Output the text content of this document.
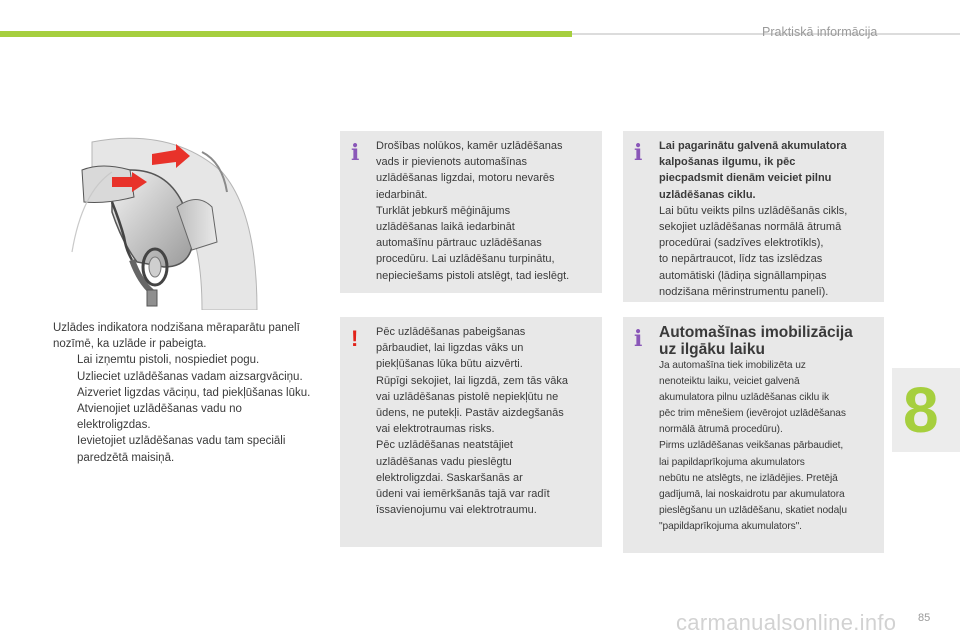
Praktiskā informācija
8

Uzlādes indikatora nodzišana mēraparātu panelī nozīmē, ka uzlāde ir pabeigta.

Lai izņemtu pistoli, nospiediet pogu.
Uzlieciet uzlādēšanas vadam aizsargvāciņu.
Aizveriet ligzdas vāciņu, tad piekļūšanas lūku.
Atvienojiet uzlādēšanas vadu no elektroligzdas.
Ievietojiet uzlādēšanas vadu tam speciāli paredzētā maisiņā.
i Drošības nolūkos, kamēr uzlādēšanas
vads ir pievienots automašīnas
uzlādēšanas ligzdai, motoru nevarēs
iedarbināt.
Turklāt jebkurš mēģinājums
uzlādēšanas laikā iedarbināt
automašīnu pārtrauc uzlādēšanas
procedūru. Lai uzlādēšanu turpinātu,
nepieciešams pistoli atslēgt, tad ieslēgt.

! Pēc uzlādēšanas pabeigšanas
pārbaudiet, lai ligzdas vāks un
piekļūšanas lūka būtu aizvērti.
Rūpīgi sekojiet, lai ligzdā, zem tās vāka
vai uzlādēšanas pistolē nepiekļūtu ne
ūdens, ne putekļi. Pastāv aizdegšanās
vai elektrotraumas risks.
Pēc uzlādēšanas neatstājiet
uzlādēšanas vadu pieslēgtu
elektroligzdai. Saskaršanās ar
ūdeni vai iemērkšanās tajā var radīt
īssavienojumu vai elektrotraumu.

i Lai pagarinātu galvenā akumulatora
kalpošanas ilgumu, ik pēc
piecpadsmit dienām veiciet pilnu
uzlādēšanas ciklu.

Lai būtu veikts pilns uzlādēšanās cikls,
sekojiet uzlādēšanas normālā ātrumā
procedūrai (sadzīves elektrotīkls),
to nepārtraucot, līdz tas izslēdzas
automātiski (lādiņa signāllampiņas
nodzišana mērinstrumentu panelī).

i Automašīnas imobilizācija
uz ilgāku laiku

Ja automašīna tiek imobilizēta uz
nenoteiktu laiku, veiciet galvenā
akumulatora pilnu uzlādēšanas ciklu ik
pēc trim mēnešiem (ievērojot uzlādēšanas
normālā ātrumā procedūru).
Pirms uzlādēšanas veikšanas pārbaudiet,
lai papildaprīkojuma akumulators
nebūtu ne atslēgts, ne izlādējies. Pretējā
gadījumā, lai noskaidrotu par akumulatora
pieslēgšanu un uzlādēšanu, skatiet nodaļu
"papildaprīkojuma akumulators".

carmanualsonline.info 85
